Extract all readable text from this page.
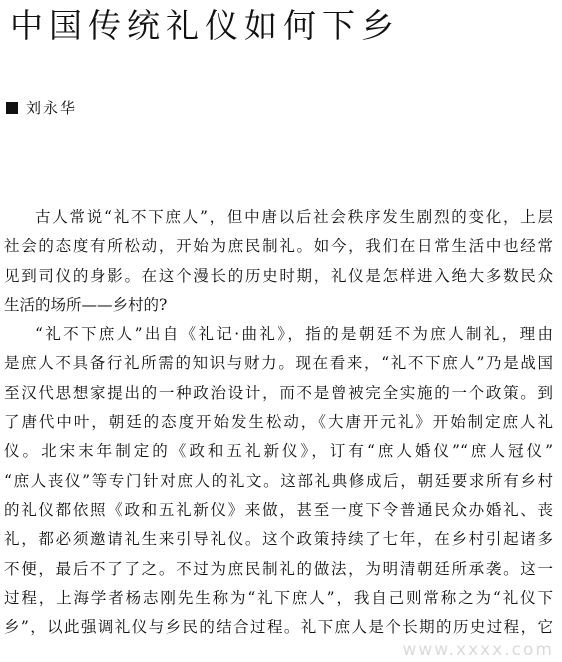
中国传统礼仪如何下乡
刘永华
古人常说“礼不下庶人”，但中唐以后社会秩序发生剧烈的变化，上层
社会的态度有所松动，开始为庶民制礼。如今，我们在日常生活中也经常
见到司仪的身影。在这个漫长的历史时期，礼仪是怎样进入绝大多数民众
生活的场所——乡村的?
“礼不下庶人”出自《礼记·曲礼》，指的是朝廷不为庶人制礼，理由
是庶人不具备行礼所需的知识与财力。现在看来，“礼不下庶人”乃是战国
至汉代思想家提出的一种政治设计，而不是曾被完全实施的一个政策。到
了唐代中叶，朝廷的态度开始发生松动，《大唐开元礼》开始制定庶人礼
仪。北宋末年制定的《政和五礼新仪》，订有“庶人婚仪”“庶人冠仪”
“庶人丧仪”等专门针对庶人的礼文。这部礼典修成后，朝廷要求所有乡村
的礼仪都依照《政和五礼新仪》来做，甚至一度下令普通民众办婚礼、丧
礼，都必须邀请礼生来引导礼仪。这个政策持续了七年，在乡村引起诸多
不便，最后不了了之。不过为庶民制礼的做法，为明清朝廷所承袭。这一
过程，上海学者杨志刚先生称为“礼下庶人”，我自己则常称之为“礼仪下
乡”，以此强调礼仪与乡民的结合过程。礼下庶人是个长期的历史过程，它
www.xxxx.com
